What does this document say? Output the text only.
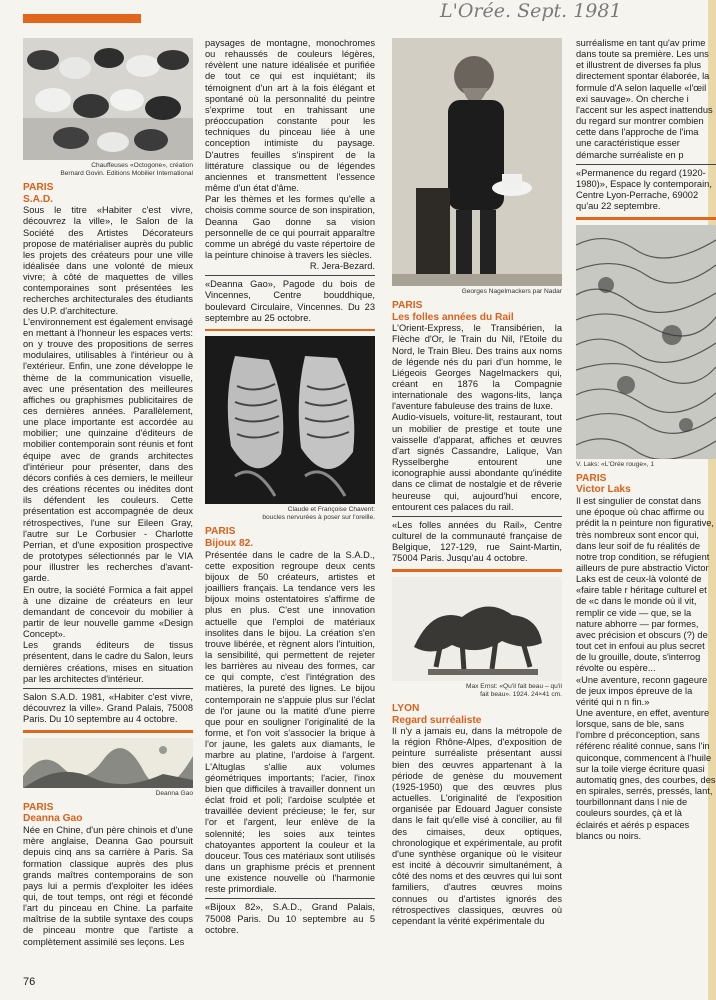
L'Orée. Sept. 1981
Chauffeuses «Octogone», création
Bernard Govin. Editions Mobilier International
PARIS
S.A.D.

Sous le titre «Habiter c'est vivre, découvrez la ville», le Salon de la Société des Artistes Décorateurs propose de matérialiser auprès du public les projets des créateurs pour une ville idéalisée dans une volonté de mieux vivre; à côté de maquettes de villes contemporaines sont présentées les recherches architecturales des étudiants des U.P. d'architecture.

L'environnement est également envisagé en mettant à l'honneur les espaces verts: on y trouve des propositions de serres modulaires, utilisables à l'intérieur ou à l'extérieur. Enfin, une zone développe le thème de la communication visuelle, avec une présentation des meilleures affiches ou graphismes publicitaires de ces dernières années. Parallèlement, une place importante est accordée au mobilier; une quinzaine d'éditeurs de mobilier contemporain sont réunis et font équipe avec de grands architectes d'intérieur pour présenter, dans des décors confiés à ces derniers, le meilleur des créations récentes ou inédites dont ils défendent les couleurs. Cette présentation est accompagnée de deux rétrospectives, l'une sur Eileen Gray, l'autre sur Le Corbusier - Charlotte Perrian, et d'une exposition prospective de prototypes sélectionnés par le VIA pour illustrer les recherches d'avant-garde.

En outre, la société Formica a fait appel à une dizaine de créateurs en leur demandant de concevoir du mobilier à partir de leur nouvelle gamme «Design Concept».

Les grands éditeurs de tissus présentent, dans le cadre du Salon, leurs dernières créations, mises en situation par les architectes d'intérieur.

Salon S.A.D. 1981, «Habiter c'est vivre, découvrez la ville». Grand Palais, 75008 Paris. Du 10 septembre au 4 octobre.

Deanna Gao
PARIS
Deanna Gao

Née en Chine, d'un père chinois et d'une mère anglaise, Deanna Gao poursuit depuis cinq ans sa carrière à Paris. Sa formation classique auprès des plus grands maîtres contemporains de son pays lui a permis d'exploiter les idées qui, de tout temps, ont régi et fécondé l'art du pinceau en Chine. La parfaite maîtrise de la subtile syntaxe des coups de pinceau montre que l'artiste a complètement assimilé ses leçons. Les

paysages de montagne, monochromes ou rehaussés de couleurs légères, révèlent une nature idéalisée et purifiée de tout ce qui est inquiétant; ils témoignent d'un art à la fois élégant et spontané où la personnalité du peintre s'exprime tout en trahissant une préoccupation constante pour les techniques du pinceau liée à une conception intimiste du paysage. D'autres feuilles s'inspirent de la littérature classique ou de légendes anciennes et transmettent l'essence même d'un état d'âme.

Par les thèmes et les formes qu'elle a choisis comme source de son inspiration, Deanna Gao donne sa vision personnelle de ce qui pourrait apparaître comme un abrégé du vaste répertoire de la peinture chinoise à travers les siècles.

R. Jera-Bezard.

«Deanna Gao», Pagode du bois de Vincennes, Centre bouddhique, boulevard Circulaire, Vincennes. Du 23 septembre au 25 octobre.

Claude et Françoise Chavent:
boucles nervurées à poser sur l'oreille.
PARIS
Bijoux 82.

Présentée dans le cadre de la S.A.D., cette exposition regroupe deux cents bijoux de 50 créateurs, artistes et joailliers français. La tendance vers les bijoux moins ostentatoires s'affirme de plus en plus. C'est une innovation actuelle que l'emploi de matériaux insolites dans le bijou. La création s'en trouve libérée, et règnent alors l'intuition, la sensibilité, qui permettent de rejeter les barrières au niveau des formes, car ce qui compte, c'est l'intégration des matières, la pureté des lignes. Le bijou contemporain ne s'appuie plus sur l'éclat de l'or jaune ou la matité d'une pierre que pour en souligner l'originalité de la forme, et l'on voit s'associer la brique à l'or jaune, les galets aux diamants, le marbre au platine, l'ardoise à l'argent. L'Altuglas s'allie aux volumes géométriques importants; l'acier, l'inox bien que difficiles à travailler donnent un éclat froid et poli; l'ardoise sculptée et travaillée devient précieuse; le fer, sur l'or et l'argent, leur enlève de la solennité; les soies aux teintes chatoyantes apportent la couleur et la douceur. Tous ces matériaux sont utilisés dans un graphisme précis et prennent une existence nouvelle où l'harmonie reste primordiale.

«Bijoux 82», S.A.D., Grand Palais, 75008 Paris. Du 10 septembre au 5 octobre.

Georges Nagelmackers par Nadar
PARIS
Les folles années du Rail

L'Orient-Express, le Transibérien, la Flèche d'Or, le Train du Nil, l'Etoile du Nord, le Train Bleu. Des trains aux noms de légende nés du pari d'un homme, le Liégeois Georges Nagelmackers qui, créant en 1876 la Compagnie internationale des wagons-lits, lança l'aventure fabuleuse des trains de luxe.

Audio-visuels, voiture-lit, restaurant, tout un mobilier de prestige et toute une vaisselle d'apparat, affiches et œuvres d'art signés Cassandre, Lalique, Van Rysselberghe entourent une iconographie aussi abondante qu'inédite dans ce climat de nostalgie et de rêverie heureuse qui, aujourd'hui encore, entourent ces palaces du rail.

«Les folles années du Rail», Centre culturel de la communauté française de Belgique, 127-129, rue Saint-Martin, 75004 Paris. Jusqu'au 4 octobre.

Max Ernst: «Qu'il fait beau – qu'il
fait beau». 1924. 24×41 cm.
LYON
Regard surréaliste

Il n'y a jamais eu, dans la métropole de la région Rhône-Alpes, d'exposition de peinture surréaliste présentant aussi bien des œuvres appartenant à la période de genèse du mouvement (1925-1950) que des œuvres plus actuelles. L'originalité de l'exposition organisée par Edouard Jaguer consiste dans le fait qu'elle visé à concilier, au fil des cimaises, deux optiques, chronologique et expérimentale, au profit d'une synthèse organique où le visiteur est incité à découvrir simultanément, à côté des noms et des œuvres qui lui sont familiers, d'autres œuvres moins connues ou d'artistes ignorés des rétrospectives classiques, œuvres où cependant la vérité expérimentale du

surréalisme en tant qu'av prime dans toute sa première. Les uns et illustrent de diverses fa plus directement spontar élaborée, la formule d'A selon laquelle «l'œil exi sauvage». On cherche i l'accent sur les aspect inattendus du regard sur montrer combien cette dans l'approche de l'ima une caractéristique esser démarche surréaliste en p

«Permanence du regard (1920-1980)», Espace ly contemporain, Centre Lyon-Perrache, 69002 qu'au 22 septembre.

V. Laks: «L'Orée rouge», 1
PARIS
Victor Laks

Il est singulier de constat dans une époque où chac affirme ou prédit la n peinture non figurative, très nombreux sont encor qui, dans leur soif de fu réalités de notre trop condition, se réfugient ailleurs de pure abstractio Victor Laks est de ceux-là volonté de «faire table r héritage culturel et de «c dans le monde où il vit, remplir ce vide — que, se la nature abhorre — par formes, avec précision et obscurs (?) de tout cet in enfoui au plus secret de lu grouille, doute, s'interrog révolte ou espère...

«Une aventure, reconn gageure de jeux impos épreuve de la vérité qui n n fin.»

Une aventure, en effet, aventure lorsque, sans de ble, sans l'ombre d préconception, sans référenc réalité connue, sans l'in quiconque, commencent à l'huile sur la toile vierge écriture quasi automatiq gnes, des courbes, des en spirales, serrés, pressés, lant, tourbillonnant dans l nie de couleurs sourdes, çà et là éclairés et aérés p espaces blancs ou noirs.

76
